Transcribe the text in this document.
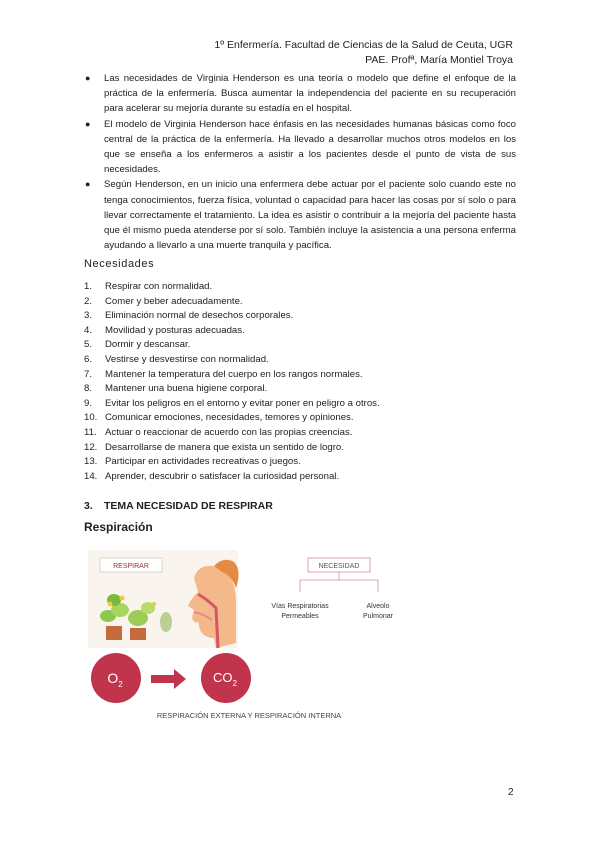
1º Enfermería. Facultad de Ciencias de la Salud de Ceuta, UGR
PAE. Profª, María Montiel Troya

● Las necesidades de Virginia Henderson es una teoría o modelo que define el enfoque de la práctica de la enfermería. Busca aumentar la independencia del paciente en su recuperación para acelerar su mejoría durante su estadía en el hospital.

● El modelo de Virginia Henderson hace énfasis en las necesidades humanas básicas como foco central de la práctica de la enfermería. Ha llevado a desarrollar muchos otros modelos en los que se enseña a los enfermeros a asistir a los pacientes desde el punto de vista de sus necesidades.

● Según Henderson, en un inicio una enfermera debe actuar por el paciente solo cuando este no tenga conocimientos, fuerza física, voluntad o capacidad para hacer las cosas por sí solo o para llevar correctamente el tratamiento. La idea es asistir o contribuir a la mejoría del paciente hasta que él mismo pueda atenderse por sí solo. También incluye la asistencia a una persona enferma ayudando a llevarlo a una muerte tranquila y pacífica.

Necesidades
1.	Respirar con normalidad.
2.	Comer y beber adecuadamente.
3.	Eliminación normal de desechos corporales.
4.	Movilidad y posturas adecuadas.
5.	Dormir y descansar.
6.	Vestirse y desvestirse con normalidad.
7.	Mantener la temperatura del cuerpo en los rangos normales.
8.	Mantener una buena higiene corporal.
9.	Evitar los peligros en el entorno y evitar poner en peligro a otros.
10. Comunicar emociones, necesidades, temores y opiniones.
11. Actuar o reaccionar de acuerdo con las propias creencias.
12. Desarrollarse de manera que exista un sentido de logro.
13. Participar en actividades recreativas o juegos.
14. Aprender, descubrir o satisfacer la curiosidad personal.
3. TEMA NECESIDAD DE RESPIRAR
Respiración
RESPIRAR
$O_2$	$CO_2$
NECESIDAD
Vías Respiratorias
Permeables
Alveolo
Pulmonar
RESPIRACIÓN EXTERNA Y RESPIRACIÓN INTERNA
2
